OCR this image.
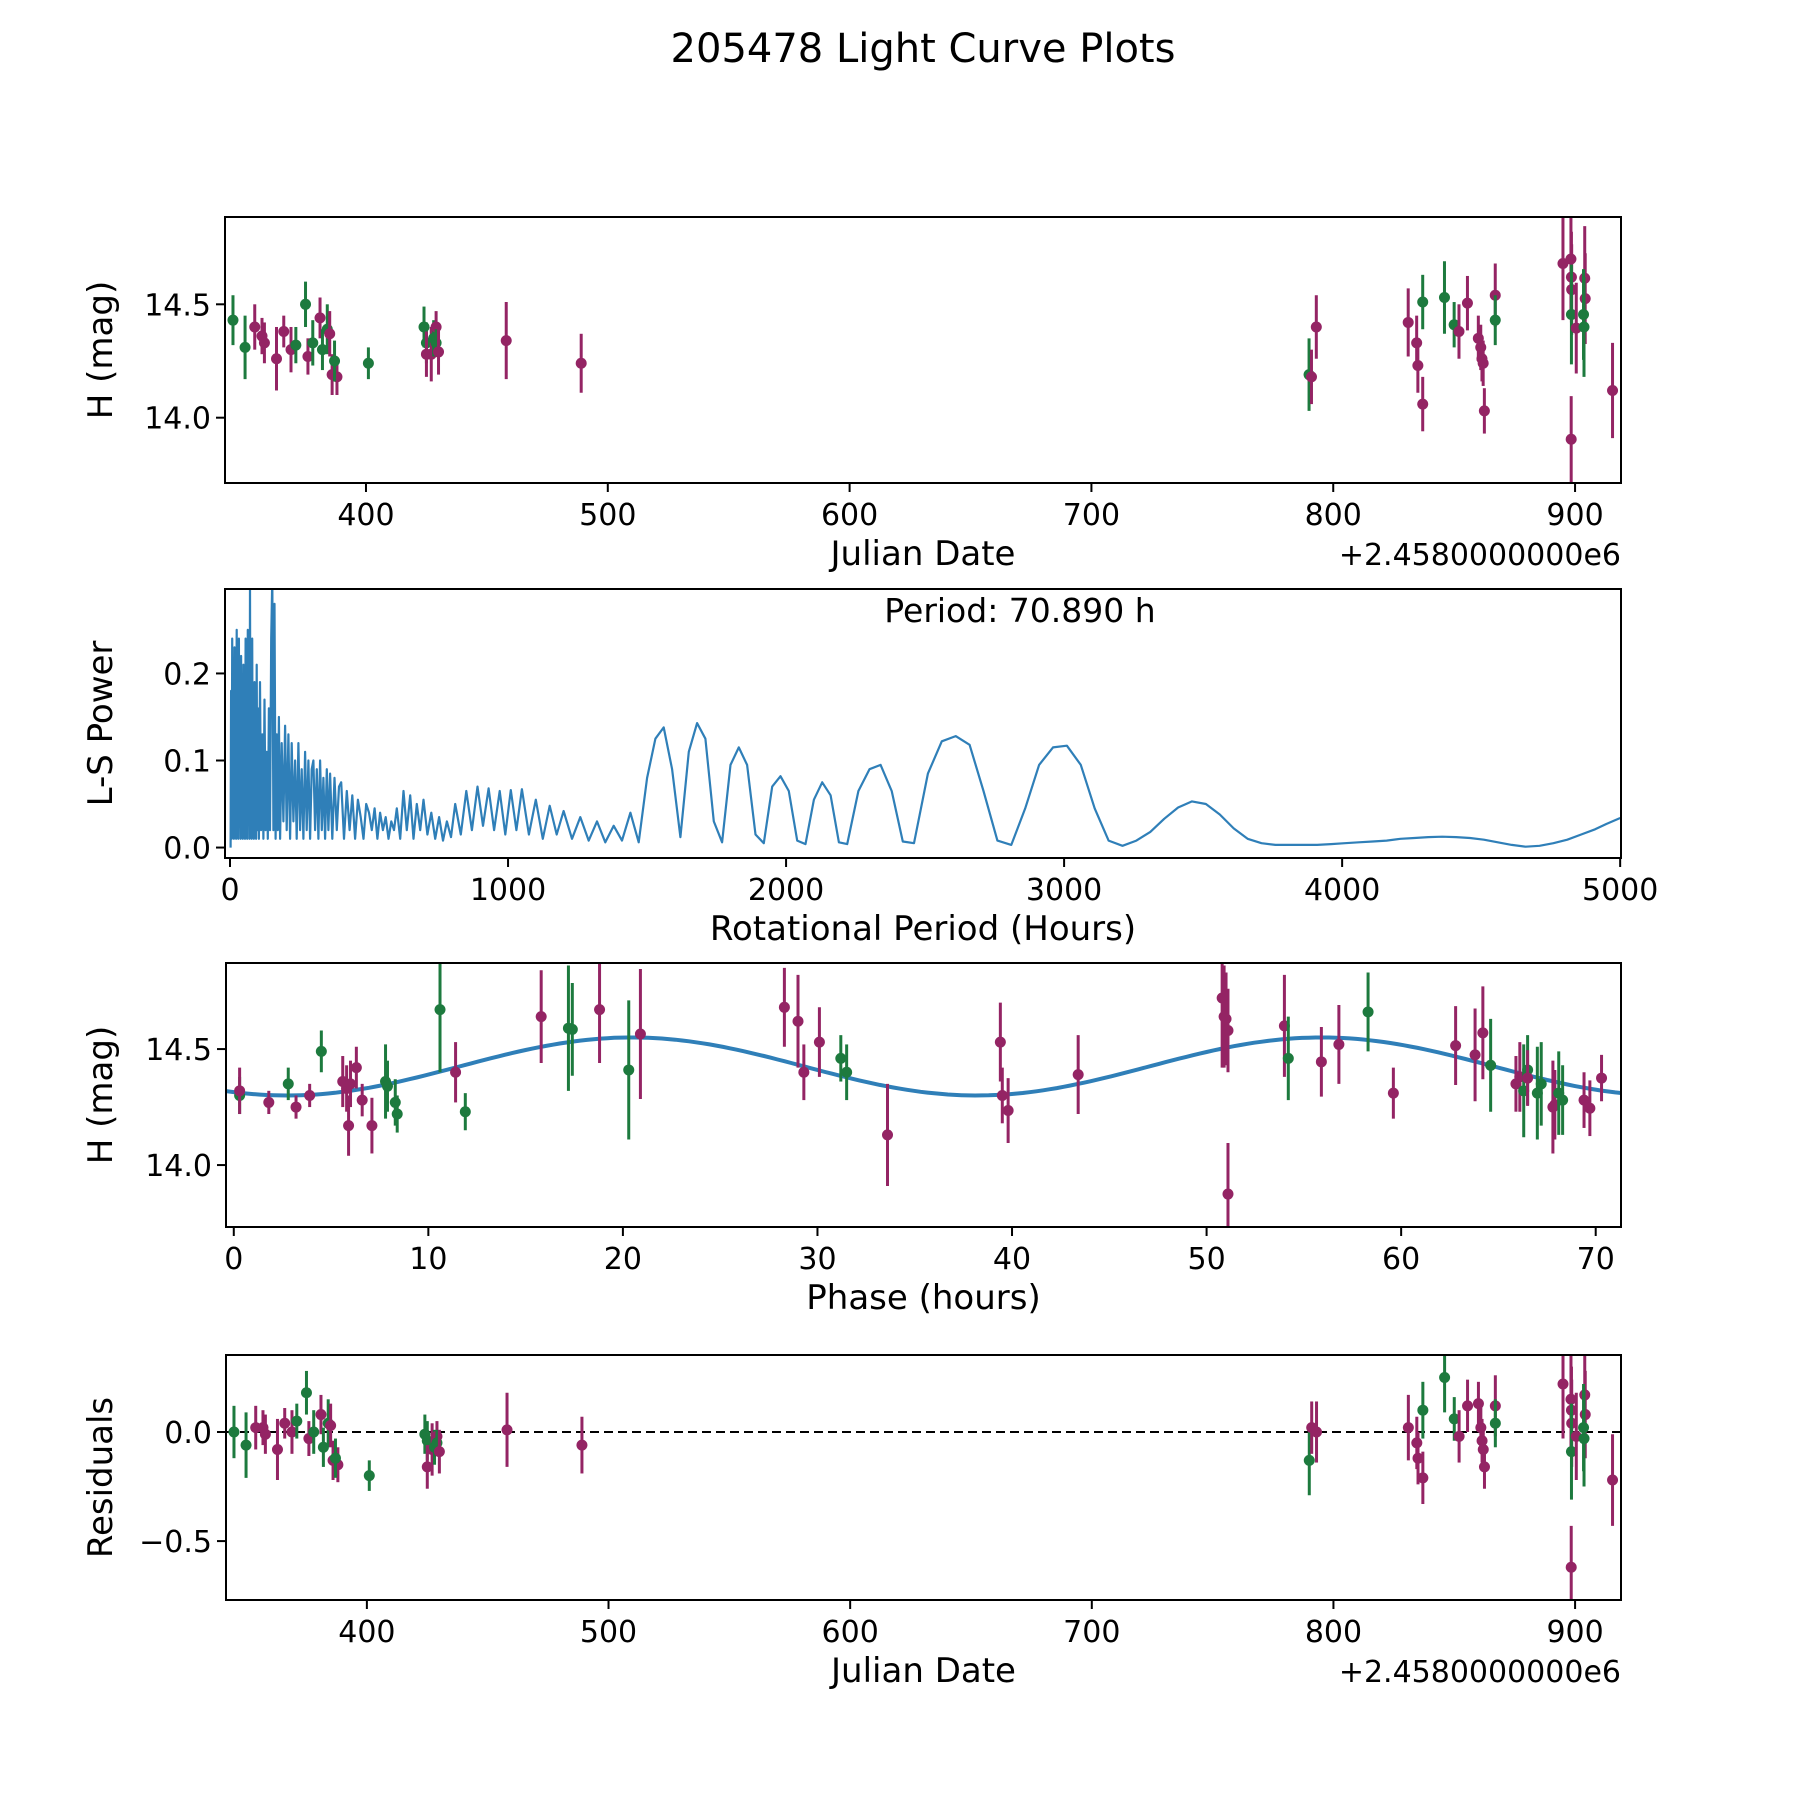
205478 Light Curve Plots
400	500	600	700	800	900
14.0
14.5
Julian Date
H (mag)
+2.4580000000e6
0	1000	2000	3000	4000	5000
0.0
0.1
0.2
Rotational Period (Hours)
L-S Power
Period: 70.890 h
0	10	20	30	40	50	60	70
14.0
14.5
Phase (hours)
H (mag)
400	500	600	700	800	900
−0.5
0.0
Julian Date
Residuals
+2.4580000000e6
